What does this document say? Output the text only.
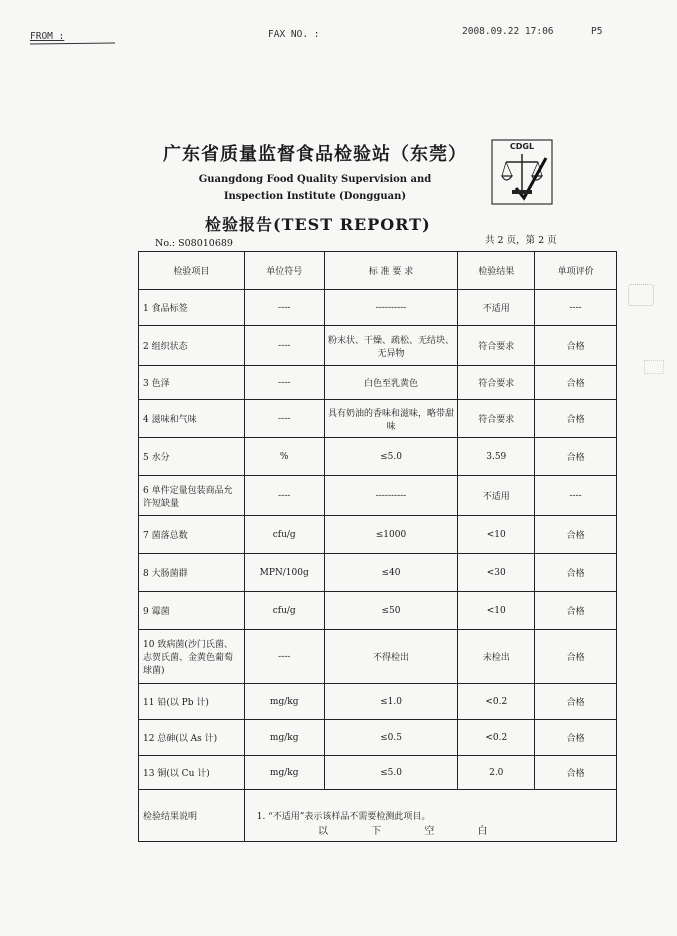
FROM :	FAX NO. :	2008.09.22 17:06	P5
广东省质量监督食品检验站（东莞）
Guangdong Food Quality Supervision and
Inspection Institute (Dongguan)
CDGL
检验报告(TEST REPORT)
No.: S08010689	共 2 页，第 2 页
检验项目	单位符号	标 准 要 求	检验结果	单项评价
1 食品标签	----	----------	不适用	----
2 组织状态	----	粉末状、干燥、疏松、无结块、无异物	符合要求	合格
3 色泽	----	白色至乳黄色	符合要求	合格
4 滋味和气味	----	具有奶油的香味和滋味，略带甜味	符合要求	合格
5 水分	%	≤5.0	3.59	合格
6 单件定量包装商品允许短缺量	----	----------	不适用	----
7 菌落总数	cfu/g	≤1000	<10	合格
8 大肠菌群	MPN/100g	≤40	<30	合格
9 霉菌	cfu/g	≤50	<10	合格
10 致病菌(沙门氏菌、志贺氏菌、金黄色葡萄球菌)	----	不得检出	未检出	合格
11 铅(以 Pb 计)	mg/kg	≤1.0	<0.2	合格
12 总砷(以 As 计)	mg/kg	≤0.5	<0.2	合格
13 铜(以 Cu 计)	mg/kg	≤5.0	2.0	合格
检验结果说明	1. “不适用”表示该样品不需要检测此项目。			
以 下 空 白
